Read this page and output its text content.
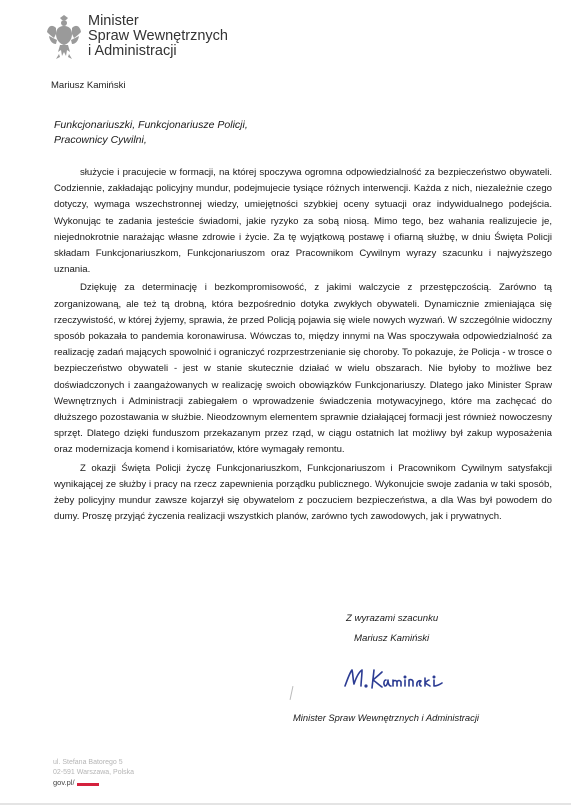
Minister
Spraw Wewnętrznych
i Administracji
Mariusz Kamiński
Funkcjonariuszki, Funkcjonariusze Policji,
Pracownicy Cywilni,

służycie i pracujecie w formacji, na której spoczywa ogromna odpowiedzialność za bezpieczeństwo obywateli. Codziennie, zakładając policyjny mundur, podejmujecie tysiące różnych interwencji. Każda z nich, niezależnie czego dotyczy, wymaga wszechstronnej wiedzy, umiejętności szybkiej oceny sytuacji oraz indywidualnego podejścia. Wykonując te zadania jesteście świadomi, jakie ryzyko za sobą niosą. Mimo tego, bez wahania realizujecie je, niejednokrotnie narażając własne zdrowie i życie. Za tę wyjątkową postawę i ofiarną służbę, w dniu Święta Policji składam Funkcjonariuszkom, Funkcjonariuszom oraz Pracownikom Cywilnym wyrazy szacunku i najwyższego uznania.

Dziękuję za determinację i bezkompromisowość, z jakimi walczycie z przestępczością. Zarówno tą zorganizowaną, ale też tą drobną, która bezpośrednio dotyka zwykłych obywateli. Dynamicznie zmieniająca się rzeczywistość, w której żyjemy, sprawia, że przed Policją pojawia się wiele nowych wyzwań. W szczególnie widoczny sposób pokazała to pandemia koronawirusa. Wówczas to, między innymi na Was spoczywała odpowiedzialność za realizację zadań mających spowolnić i ograniczyć rozprzestrzenianie się choroby. To pokazuje, że Policja - w trosce o bezpieczeństwo obywateli - jest w stanie skutecznie działać w wielu obszarach. Nie byłoby to możliwe bez doświadczonych i zaangażowanych w realizację swoich obowiązków Funkcjonariuszy. Dlatego jako Minister Spraw Wewnętrznych i Administracji zabiegałem o wprowadzenie świadczenia motywacyjnego, które ma zachęcać do dłuższego pozostawania w służbie. Nieodzownym elementem sprawnie działającej formacji jest również nowoczesny sprzęt. Dlatego dzięki funduszom przekazanym przez rząd, w ciągu ostatnich lat możliwy był zakup wyposażenia oraz modernizacja komend i komisariatów, które wymagały remontu.

Z okazji Święta Policji życzę Funkcjonariuszkom, Funkcjonariuszom i Pracownikom Cywilnym satysfakcji wynikającej ze służby i pracy na rzecz zapewnienia porządku publicznego. Wykonujcie swoje zadania w taki sposób, żeby policyjny mundur zawsze kojarzył się obywatelom z poczuciem bezpieczeństwa, a dla Was był powodem do dumy. Proszę przyjąć życzenia realizacji wszystkich planów, zarówno tych zawodowych, jak i prywatnych.

Z wyrazami szacunku
Mariusz Kamiński
Minister Spraw Wewnętrznych i Administracji
ul. Stefana Batorego 5
02-591 Warszawa, Polska
gov.pl/
